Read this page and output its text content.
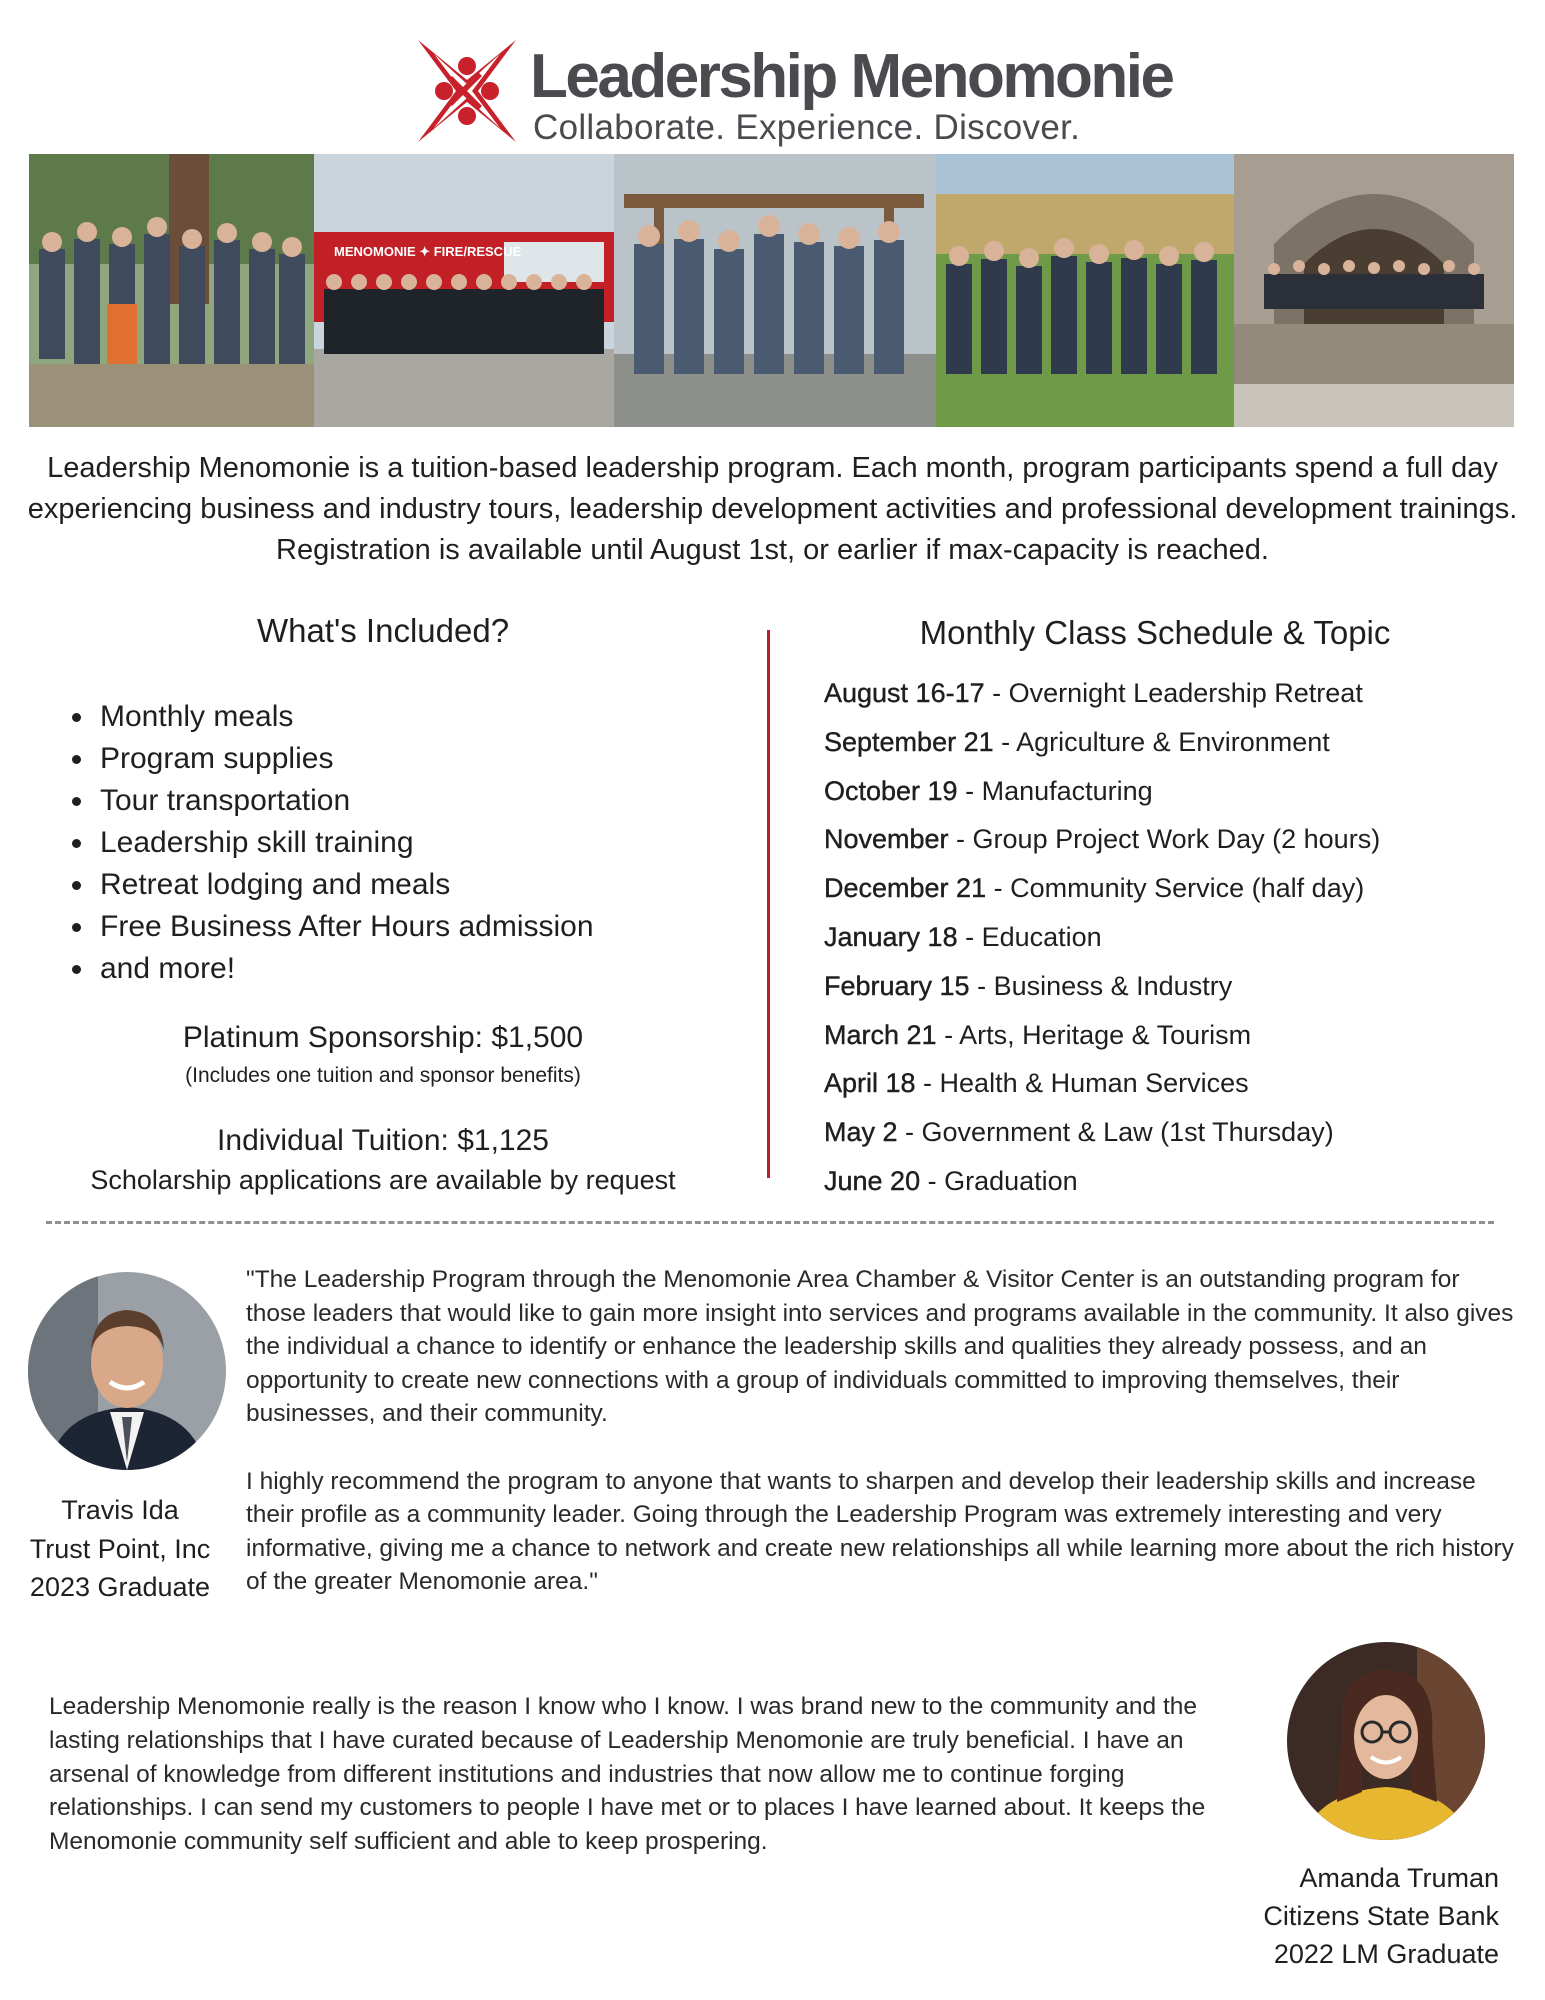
Leadership Menomonie
Collaborate. Experience. Discover.
MENOMONIE ✦ FIRE/RESCUE
Leadership Menomonie is a tuition-based leadership program. Each month, program participants spend a full day experiencing business and industry tours, leadership development activities and professional development trainings. Registration is available until August 1st, or earlier if max-capacity is reached.
What's Included?
Monthly meals
Program supplies
Tour transportation
Leadership skill training
Retreat lodging and meals
Free Business After Hours admission
and more!
Platinum Sponsorship: $1,500
(Includes one tuition and sponsor benefits)
Individual Tuition: $1,125
Scholarship applications are available by request
Monthly Class Schedule & Topic
August 16-17 - Overnight Leadership Retreat
September 21 - Agriculture & Environment
October 19 - Manufacturing
November - Group Project Work Day (2 hours)
December 21 - Community Service (half day)
January 18 - Education
February 15 - Business & Industry
March 21 - Arts, Heritage & Tourism
April 18 - Health & Human Services
May 2 - Government & Law (1st Thursday)
June 20 - Graduation

"The Leadership Program through the Menomonie Area Chamber & Visitor Center is an outstanding program for those leaders that would like to gain more insight into services and programs available in the community. It also gives the individual a chance to identify or enhance the leadership skills and qualities they already possess, and an opportunity to create new connections with a group of individuals committed to improving themselves, their businesses, and their community.

I highly recommend the program to anyone that wants to sharpen and develop their leadership skills and increase their profile as a community leader. Going through the Leadership Program was extremely interesting and very informative, giving me a chance to network and create new relationships all while learning more about the rich history of the greater Menomonie area."

Travis Ida
Trust Point, Inc
2023 Graduate
Leadership Menomonie really is the reason I know who I know. I was brand new to the community and the lasting relationships that I have curated because of Leadership Menomonie are truly beneficial. I have an arsenal of knowledge from different institutions and industries that now allow me to continue forging relationships. I can send my customers to people I have met or to places I have learned about. It keeps the Menomonie community self sufficient and able to keep prospering.
Amanda Truman
Citizens State Bank
2022 LM Graduate
